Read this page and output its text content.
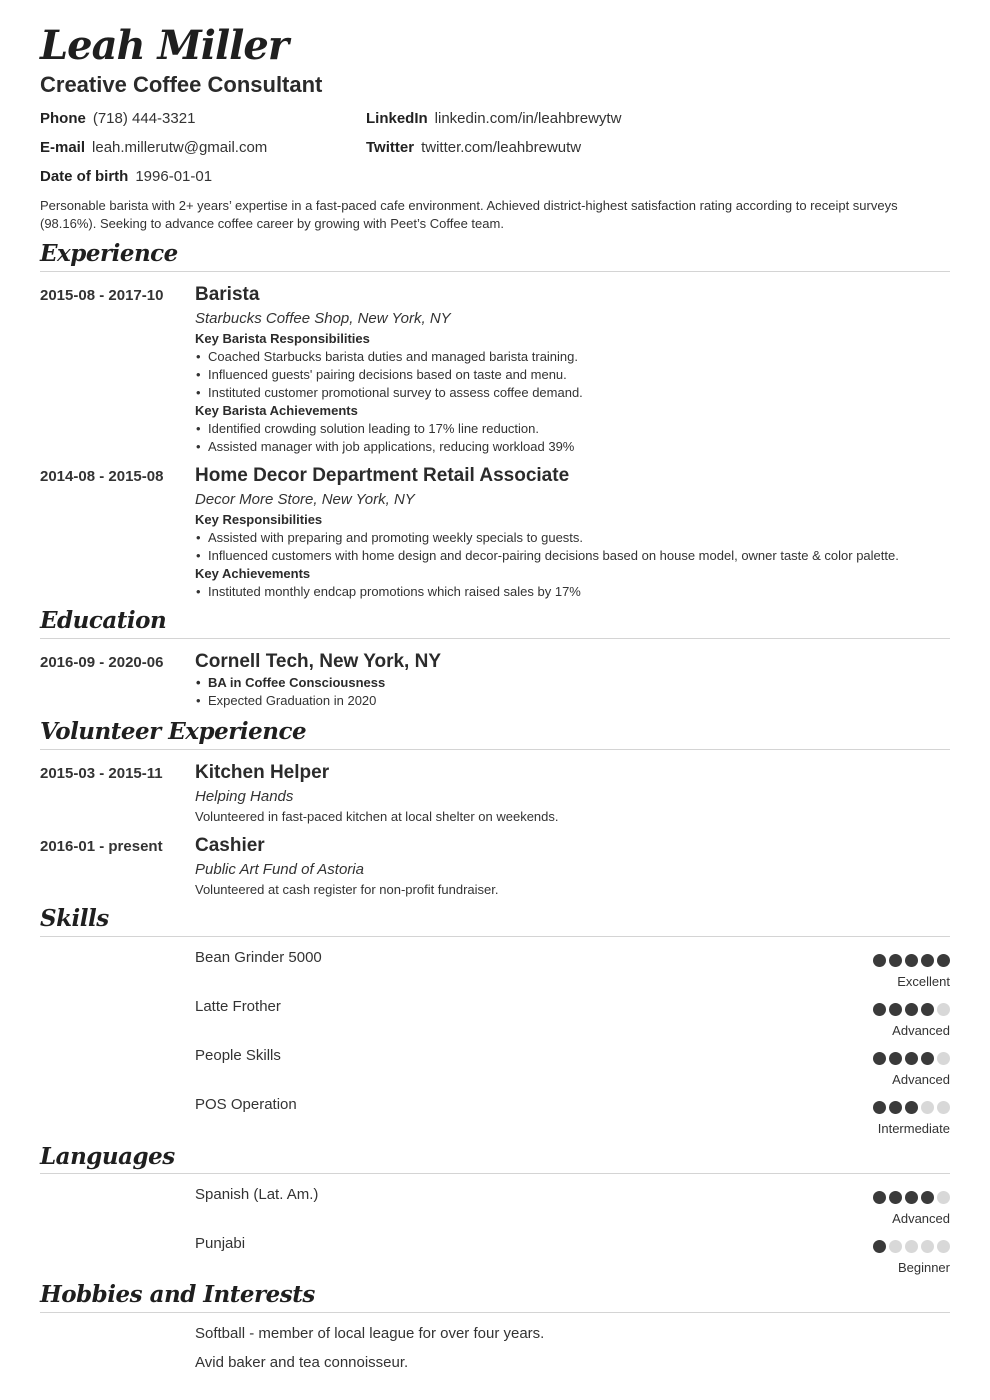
Leah Miller
Creative Coffee Consultant
Phone (718) 444-3321
E-mail leah.millerutw@gmail.com
Date of birth 1996-01-01
LinkedIn linkedin.com/in/leahbrewytw
Twitter twitter.com/leahbrewutw
Personable barista with 2+ years’ expertise in a fast-paced cafe environment. Achieved district-highest satisfaction rating according to receipt surveys (98.16%). Seeking to advance coffee career by growing with Peet’s Coffee team.
Experience
2015-08 - 2017-10 Barista
Starbucks Coffee Shop, New York, NY
Key Barista Responsibilities
• Coached Starbucks barista duties and managed barista training.
• Influenced guests' pairing decisions based on taste and menu.
• Instituted customer promotional survey to assess coffee demand.
Key Barista Achievements
• Identified crowding solution leading to 17% line reduction.
• Assisted manager with job applications, reducing workload 39%
2014-08 - 2015-08 Home Decor Department Retail Associate
Decor More Store, New York, NY
Key Responsibilities
• Assisted with preparing and promoting weekly specials to guests.
• Influenced customers with home design and decor-pairing decisions based on house model, owner taste & color palette.
Key Achievements
• Instituted monthly endcap promotions which raised sales by 17%
Education
2016-09 - 2020-06 Cornell Tech, New York, NY
• BA in Coffee Consciousness
• Expected Graduation in 2020
Volunteer Experience
2015-03 - 2015-11 Kitchen Helper
Helping Hands
Volunteered in fast-paced kitchen at local shelter on weekends.
2016-01 - present Cashier
Public Art Fund of Astoria
Volunteered at cash register for non-profit fundraiser.
Skills
Bean Grinder 5000
Excellent
Latte Frother
Advanced
People Skills
Advanced
POS Operation
Intermediate
Languages
Spanish (Lat. Am.)
Advanced
Punjabi
Beginner
Hobbies and Interests
Softball - member of local league for over four years.
Avid baker and tea connoisseur.
